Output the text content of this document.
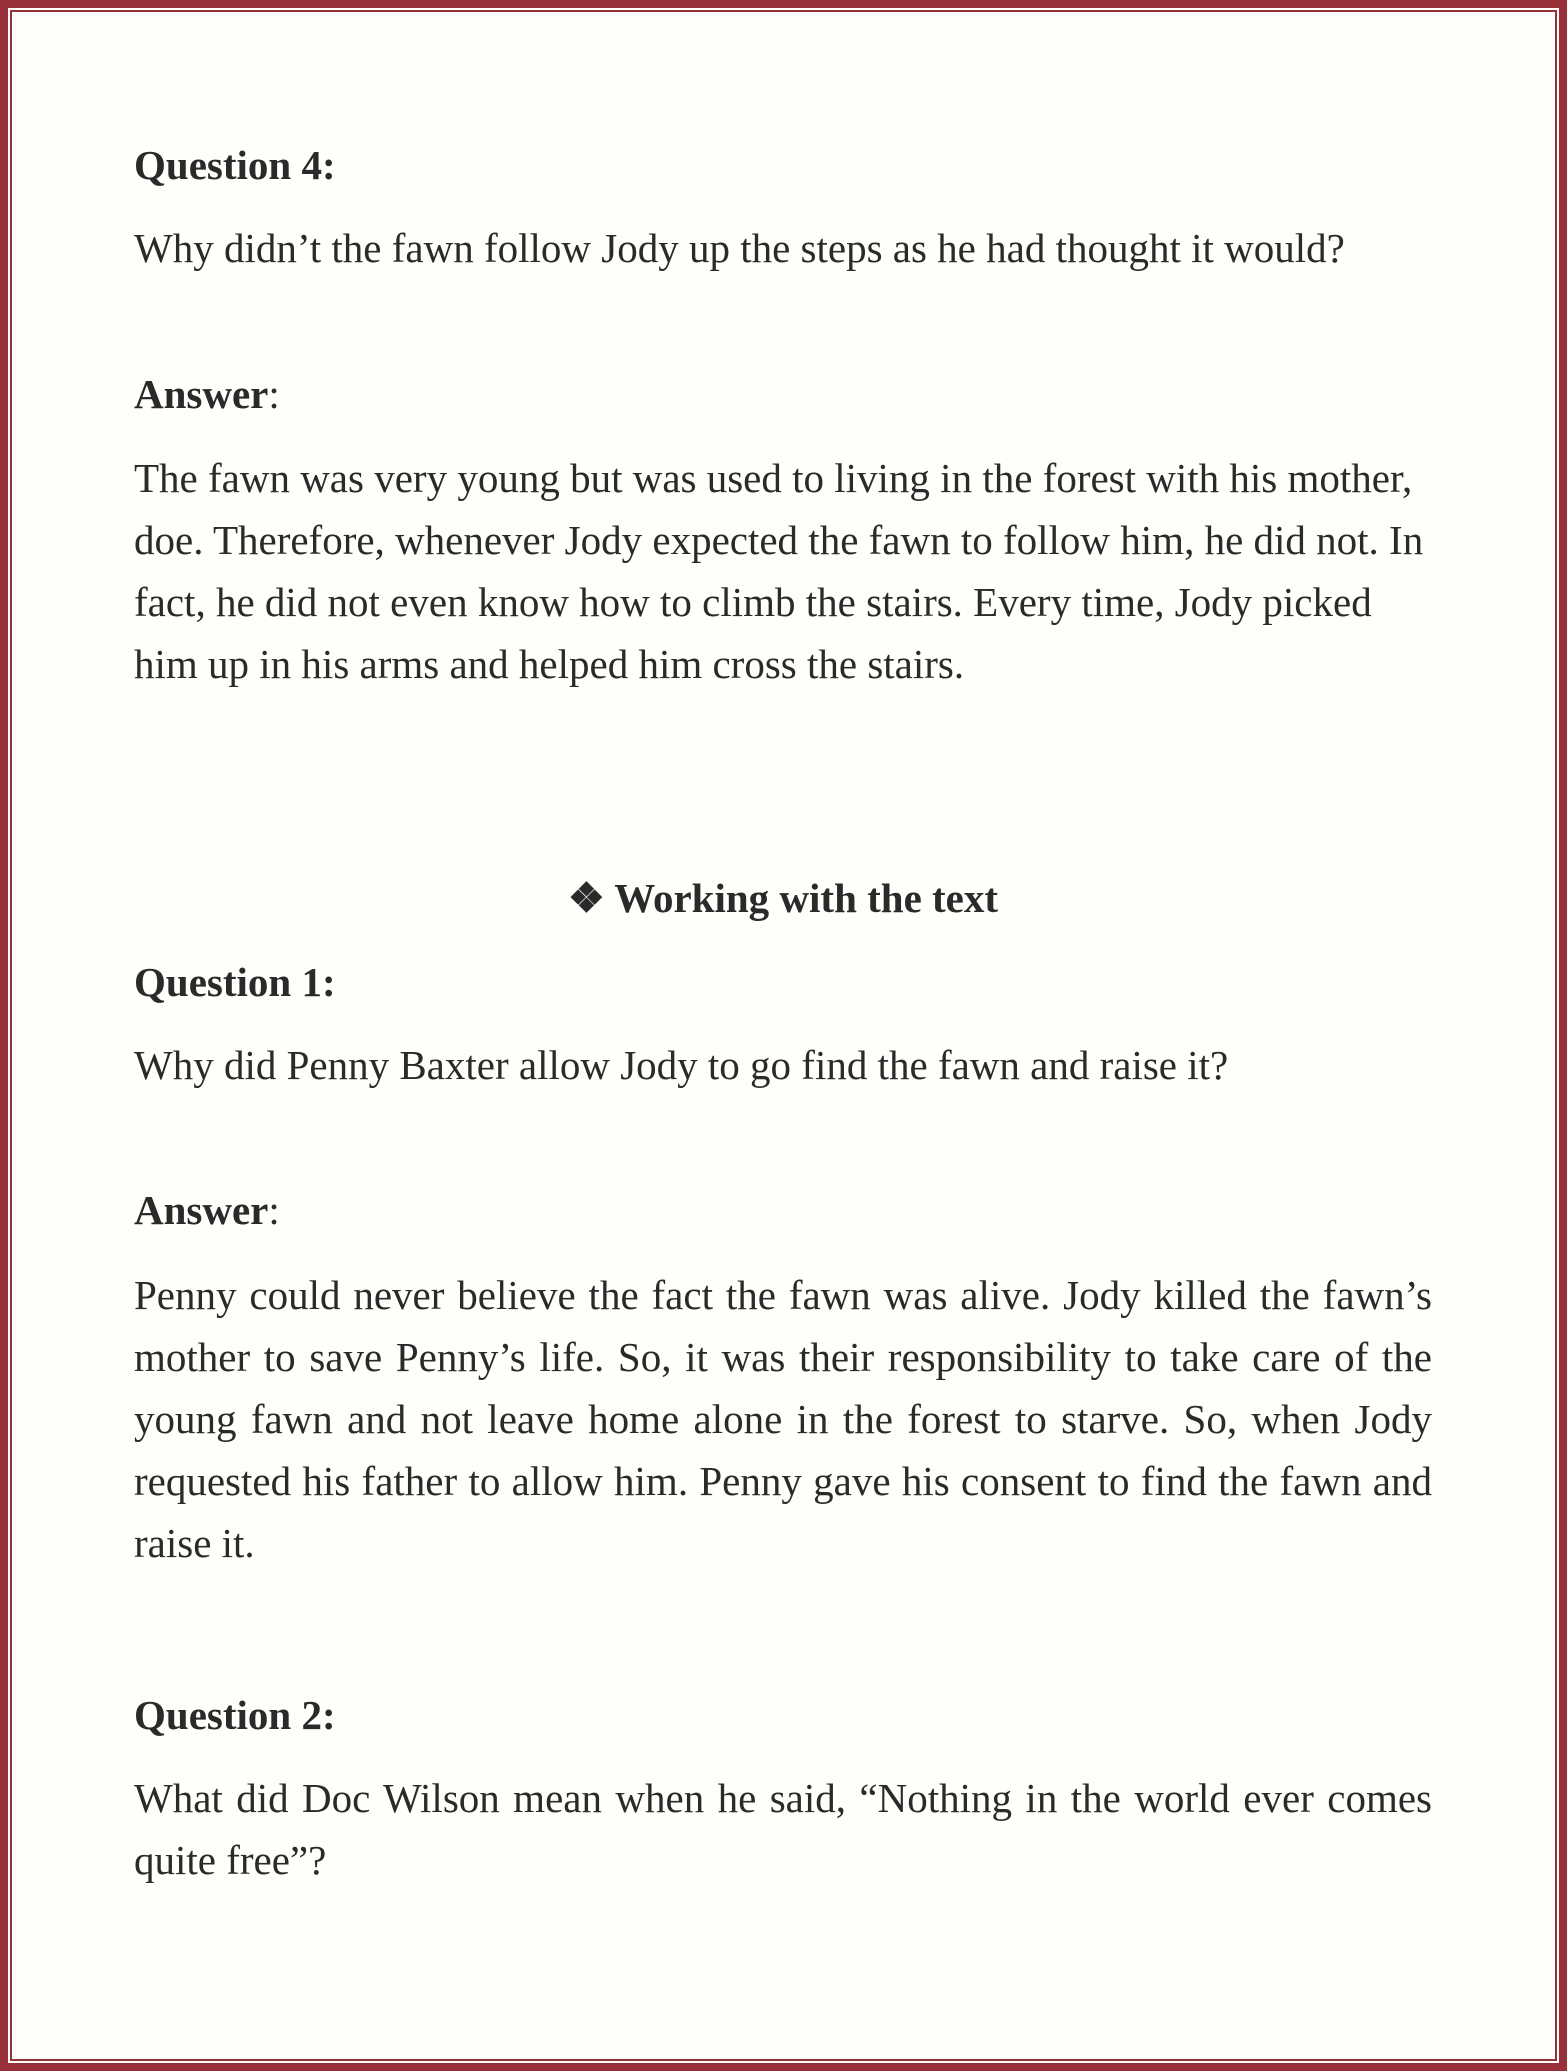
Question 4:
Why didn’t the fawn follow Jody up the steps as he had thought it would?
Answer:
The fawn was very young but was used to living in the forest with his mother, doe. Therefore, whenever Jody expected the fawn to follow him, he did not. In fact, he did not even know how to climb the stairs. Every time, Jody picked him up in his arms and helped him cross the stairs.
❖ Working with the text
Question 1:
Why did Penny Baxter allow Jody to go find the fawn and raise it?
Answer:
Penny could never believe the fact the fawn was alive. Jody killed the fawn’s mother to save Penny’s life. So, it was their responsibility to take care of the young fawn and not leave home alone in the forest to starve. So, when Jody requested his father to allow him. Penny gave his consent to find the fawn and raise it.
Question 2:
What did Doc Wilson mean when he said, “Nothing in the world ever comes quite free”?
